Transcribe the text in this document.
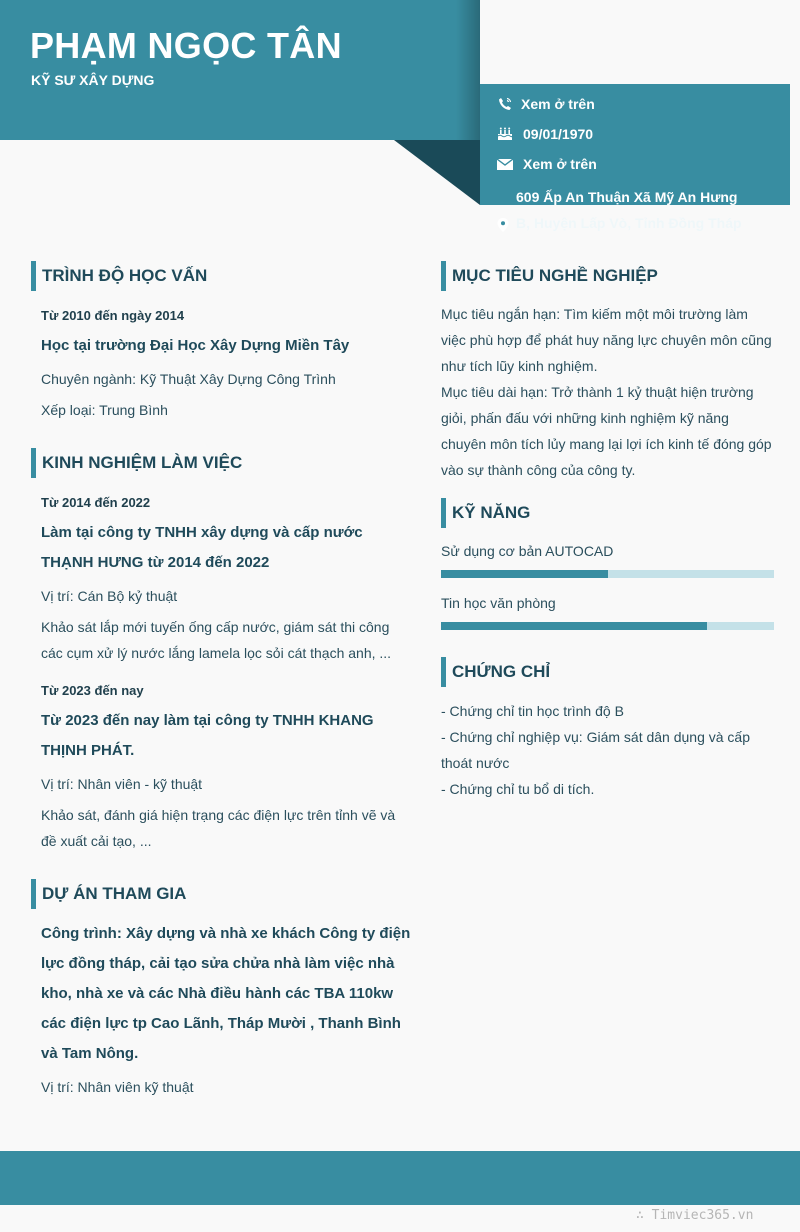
PHẠM NGỌC TÂN
KỸ SƯ XÂY DỰNG
Xem ở trên
09/01/1970
Xem ở trên
609 Ấp An Thuận Xã Mỹ An Hưng
B, Huyện Lấp Vò, Tỉnh Đồng Tháp
TRÌNH ĐỘ HỌC VẤN
Từ 2010 đến ngày 2014
Học tại trường Đại Học Xây Dựng Miền Tây
Chuyên ngành: Kỹ Thuật Xây Dựng Công Trình
Xếp loại: Trung Bình
KINH NGHIỆM LÀM VIỆC
Từ 2014 đến 2022
Làm tại công ty TNHH xây dựng và cấp nước
THẠNH HƯNG từ 2014 đến 2022
Vị trí: Cán Bộ kỷ thuật
Khảo sát lắp mới tuyến ống cấp nước, giám sát thi công
các cụm xử lý nước lắng lamela lọc sỏi cát thạch anh, ...
Từ 2023 đến nay
Từ 2023 đến nay làm tại công ty TNHH KHANG
THỊNH PHÁT.
Vị trí: Nhân viên - kỹ thuật
Khảo sát, đánh giá hiện trạng các điện lực trên tỉnh vẽ và
đề xuất cải tạo, ...
DỰ ÁN THAM GIA
Công trình: Xây dựng và nhà xe khách Công ty điện
lực đồng tháp, cải tạo sửa chửa nhà làm việc nhà
kho, nhà xe và các Nhà điều hành các TBA 110kw
các điện lực tp Cao Lãnh, Tháp Mười , Thanh Bình
và Tam Nông.
Vị trí: Nhân viên kỹ thuật
MỤC TIÊU NGHỀ NGHIỆP
Mục tiêu ngắn hạn: Tìm kiếm một môi trường làm
việc phù hợp để phát huy năng lực chuyên môn cũng
như tích lũy kinh nghiệm.
Mục tiêu dài hạn: Trở thành 1 kỷ thuật hiện trường
giỏi, phấn đấu với những kinh nghiệm kỹ năng
chuyên môn tích lủy mang lại lợi ích kinh tế đóng góp
vào sự thành công của công ty.
KỸ NĂNG
Sử dụng cơ bản AUTOCAD
Tin học văn phòng
CHỨNG CHỈ
- Chứng chỉ tin học trình độ B
- Chứng chỉ nghiệp vụ: Giám sát dân dụng và cấp
thoát nước
- Chứng chỉ tu bổ di tích.
∴ Timviec365.vn
